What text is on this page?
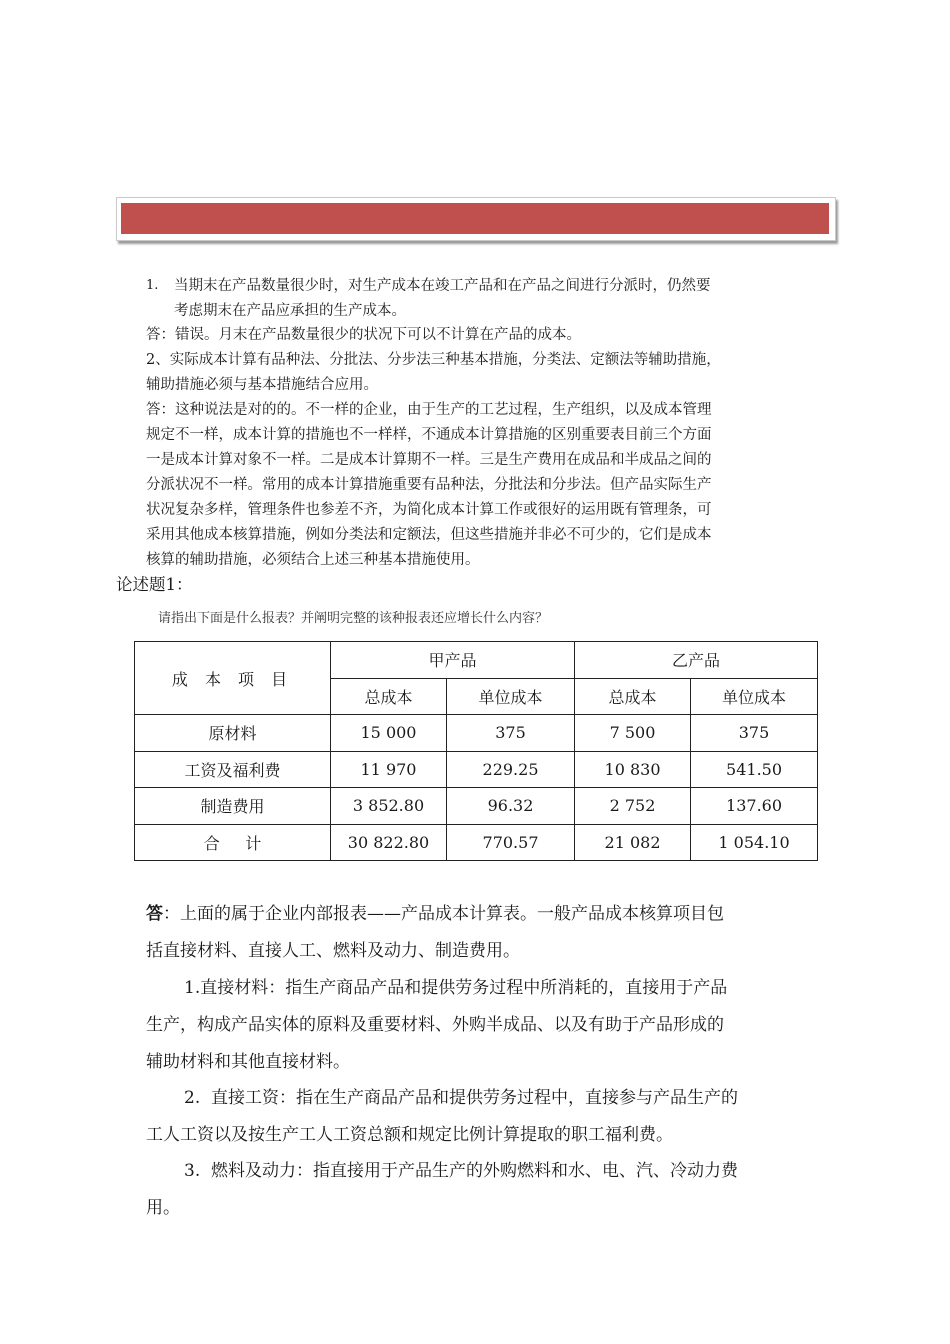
1. 当期末在产品数量很少时，对生产成本在竣工产品和在产品之间进行分派时，仍然要

考虑期末在产品应承担的生产成本。

答：错误。月末在产品数量很少的状况下可以不计算在产品的成本。

2、实际成本计算有品种法、分批法、分步法三种基本措施，分类法、定额法等辅助措施，

辅助措施必须与基本措施结合应用。

答：这种说法是对的的。不一样的企业，由于生产的工艺过程，生产组织，以及成本管理

规定不一样，成本计算的措施也不一样样，不通成本计算措施的区别重要表目前三个方面

一是成本计算对象不一样。二是成本计算期不一样。三是生产费用在成品和半成品之间的

分派状况不一样。常用的成本计算措施重要有品种法，分批法和分步法。但产品实际生产

状况复杂多样，管理条件也参差不齐，为简化成本计算工作或很好的运用既有管理条，可

采用其他成本核算措施，例如分类法和定额法，但这些措施并非必不可少的，它们是成本

核算的辅助措施，必须结合上述三种基本措施使用。

论述题1：
请指出下面是什么报表？并阐明完整的该种报表还应增长什么内容？
成 本 项 目	甲产品		乙产品	
	总成本	单位成本	总成本	单位成本
原材料	15 000	375	7 500	375
工资及福利费	11 970	229.25	10 830	541.50
制造费用	3 852.80	96.32	2 752	137.60
合     计	30 822.80	770.57	21 082	1 054.10

答：上面的属于企业内部报表——产品成本计算表。一般产品成本核算项目包

括直接材料、直接人工、燃料及动力、制造费用。

1.直接材料：指生产商品产品和提供劳务过程中所消耗的，直接用于产品

生产，构成产品实体的原料及重要材料、外购半成品、以及有助于产品形成的

辅助材料和其他直接材料。

2.  直接工资：指在生产商品产品和提供劳务过程中，直接参与产品生产的

工人工资以及按生产工人工资总额和规定比例计算提取的职工福利费。

3.  燃料及动力：指直接用于产品生产的外购燃料和水、电、汽、冷动力费

用。
